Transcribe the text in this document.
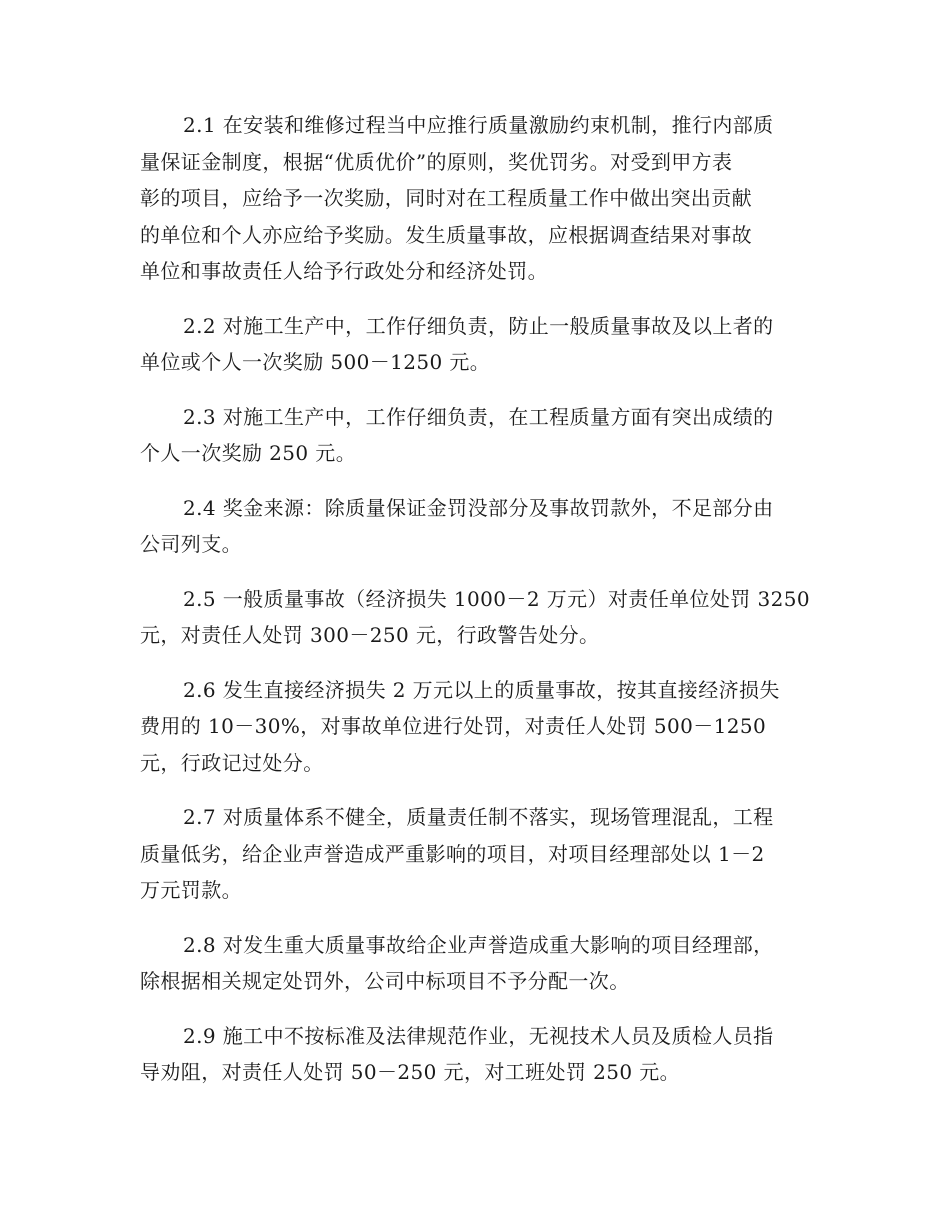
2.1 在安装和维修过程当中应推行质量激励约束机制，推行内部质
量保证金制度，根据“优质优价”的原则，奖优罚劣。对受到甲方表
彰的项目，应给予一次奖励，同时对在工程质量工作中做出突出贡献
的单位和个人亦应给予奖励。发生质量事故，应根据调查结果对事故
单位和事故责任人给予行政处分和经济处罚。

2.2 对施工生产中，工作仔细负责，防止一般质量事故及以上者的
单位或个人一次奖励 500－1250 元。

2.3 对施工生产中，工作仔细负责，在工程质量方面有突出成绩的
个人一次奖励 250 元。

2.4 奖金来源：除质量保证金罚没部分及事故罚款外，不足部分由
公司列支。

2.5 一般质量事故（经济损失 1000－2 万元）对责任单位处罚 3250
元，对责任人处罚 300－250 元，行政警告处分。

2.6 发生直接经济损失 2 万元以上的质量事故，按其直接经济损失
费用的 10－30%，对事故单位进行处罚，对责任人处罚 500－1250
元，行政记过处分。

2.7 对质量体系不健全，质量责任制不落实，现场管理混乱，工程
质量低劣，给企业声誉造成严重影响的项目，对项目经理部处以 1－2
万元罚款。

2.8 对发生重大质量事故给企业声誉造成重大影响的项目经理部，
除根据相关规定处罚外，公司中标项目不予分配一次。

2.9 施工中不按标准及法律规范作业，无视技术人员及质检人员指
导劝阻，对责任人处罚 50－250 元，对工班处罚 250 元。
